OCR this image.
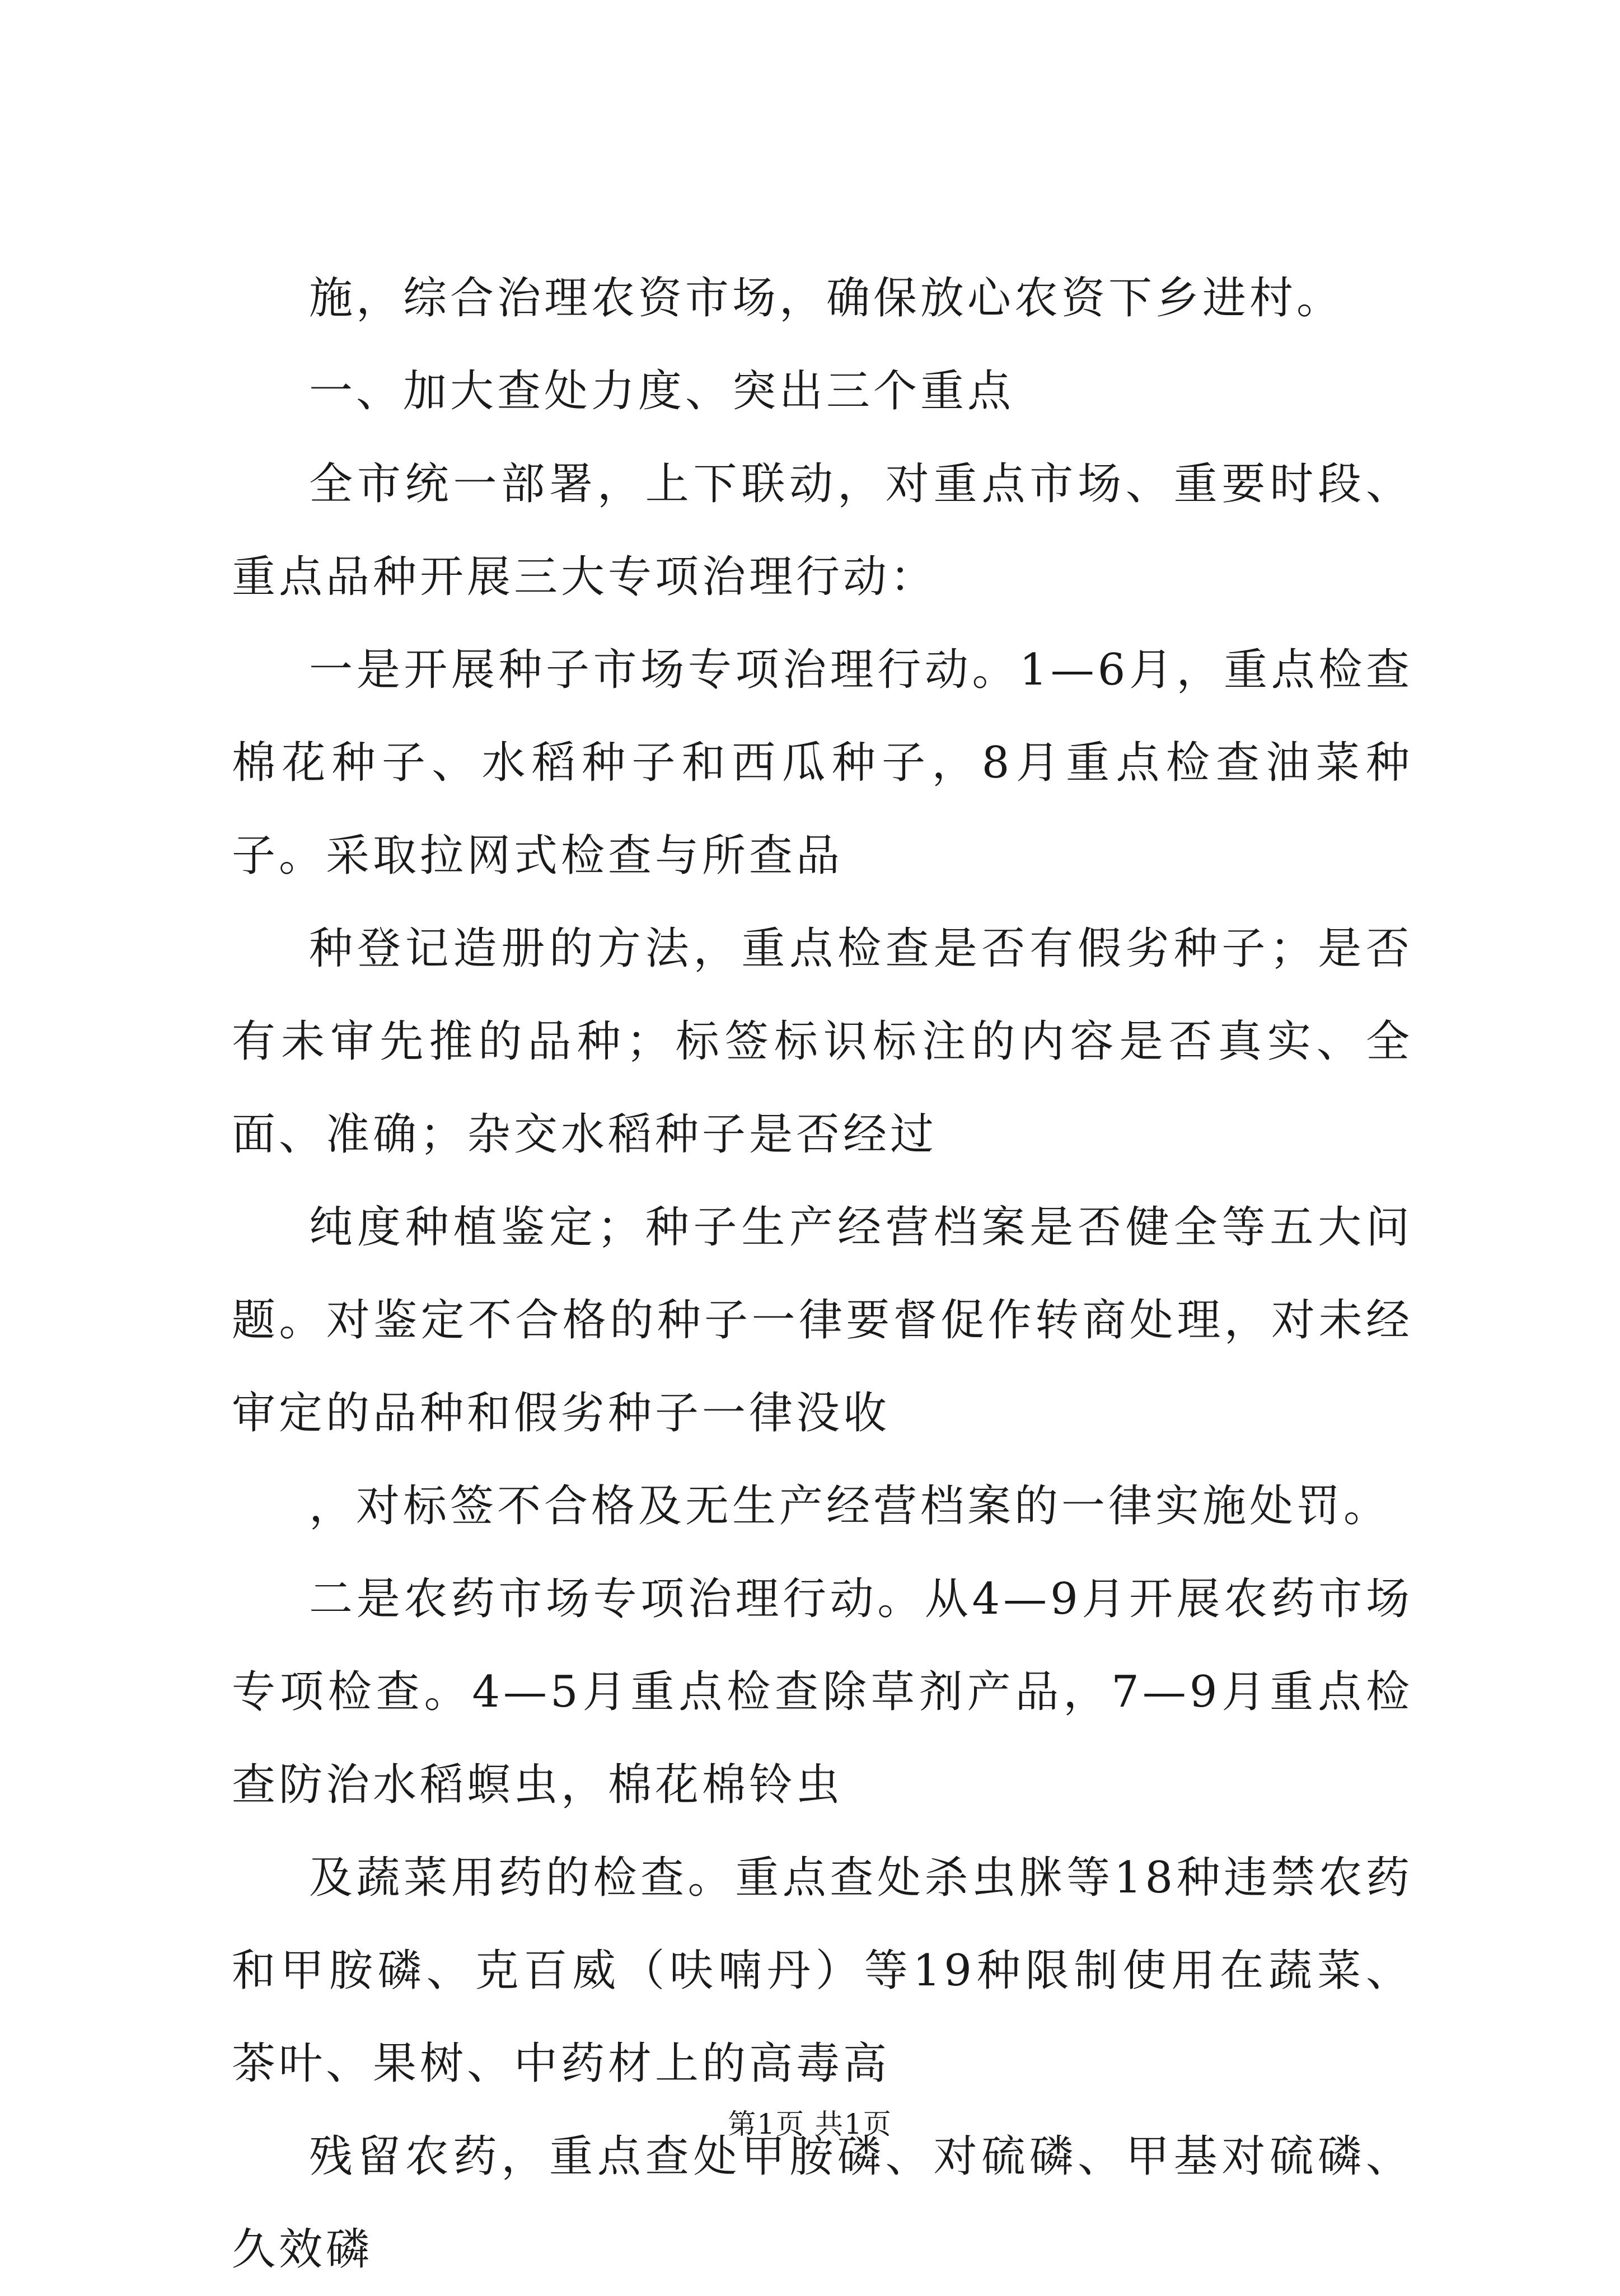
施，综合治理农资市场，确保放心农资下乡进村。

一、加大查处力度、突出三个重点

全市统一部署，上下联动，对重点市场、重要时段、重点品种开展三大专项治理行动：

一是开展种子市场专项治理行动。1—6月，重点检查棉花种子、水稻种子和西瓜种子，8月重点检查油菜种子。采取拉网式检查与所查品

种登记造册的方法，重点检查是否有假劣种子；是否有未审先推的品种；标签标识标注的内容是否真实、全面、准确；杂交水稻种子是否经过

纯度种植鉴定；种子生产经营档案是否健全等五大问题。对鉴定不合格的种子一律要督促作转商处理，对未经审定的品种和假劣种子一律没收

，对标签不合格及无生产经营档案的一律实施处罚。

二是农药市场专项治理行动。从4—9月开展农药市场专项检查。4—5月重点检查除草剂产品，7—9月重点检查防治水稻螟虫，棉花棉铃虫

及蔬菜用药的检查。重点查处杀虫脒等18种违禁农药和甲胺磷、克百威（呋喃丹）等19种限制使用在蔬菜、茶叶、果树、中药材上的高毒高

残留农药，重点查处甲胺磷、对硫磷、甲基对硫磷、久效磷

第1页 共1页
